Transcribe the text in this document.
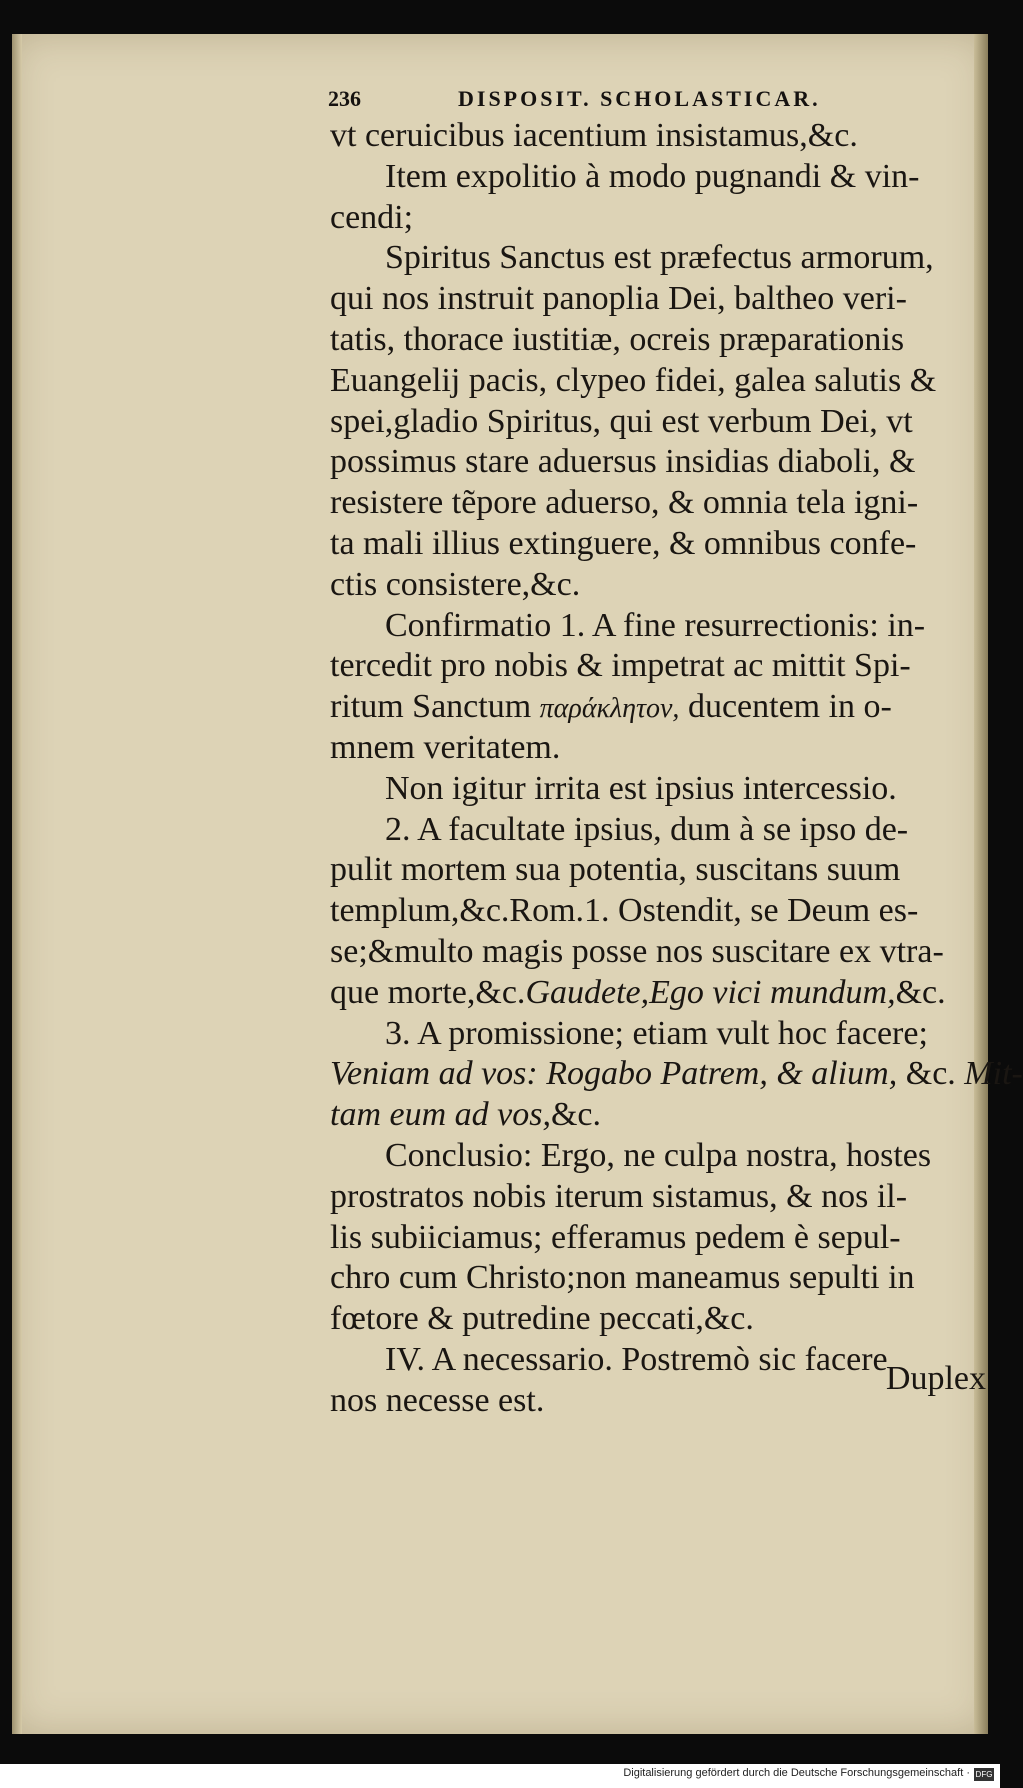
236	DISPOSIT. SCHOLASTICAR.
vt ceruicibus iacentium insistamus,&c.
Item expolitio à modo pugnandi & vin-
cendi;
Spiritus Sanctus est præfectus armorum,
qui nos instruit panoplia Dei, baltheo veri-
tatis, thorace iustitiæ, ocreis præparationis
Euangelij pacis, clypeo fidei, galea salutis &
spei,gladio Spiritus, qui est verbum Dei, vt
possimus stare aduersus insidias diaboli, &
resistere tẽpore aduerso, & omnia tela igni-
ta mali illius extinguere, & omnibus confe-
ctis consistere,&c.
Confirmatio 1. A fine resurrectionis: in-
tercedit pro nobis & impetrat ac mittit Spi-
ritum Sanctum παράκλητον, ducentem in o-
mnem veritatem.
Non igitur irrita est ipsius intercessio.
2. A facultate ipsius, dum à se ipso de-
pulit mortem sua potentia, suscitans suum
templum,&c.Rom.1. Ostendit, se Deum es-
se;&multo magis posse nos suscitare ex vtra-
que morte,&c.Gaudete,Ego vici mundum,&c.
3. A promissione; etiam vult hoc facere;
Veniam ad vos: Rogabo Patrem, & alium, &c. Mit-
tam eum ad vos,&c.
Conclusio: Ergo, ne culpa nostra, hostes
prostratos nobis iterum sistamus, & nos il-
lis subiiciamus; efferamus pedem è sepul-
chro cum Christo;non maneamus sepulti in
fœtore & putredine peccati,&c.
IV. A necessario. Postremò sic facere
nos necesse est.
Duplex
Digitalisierung gefördert durch die Deutsche Forschungsgemeinschaft · DFG
